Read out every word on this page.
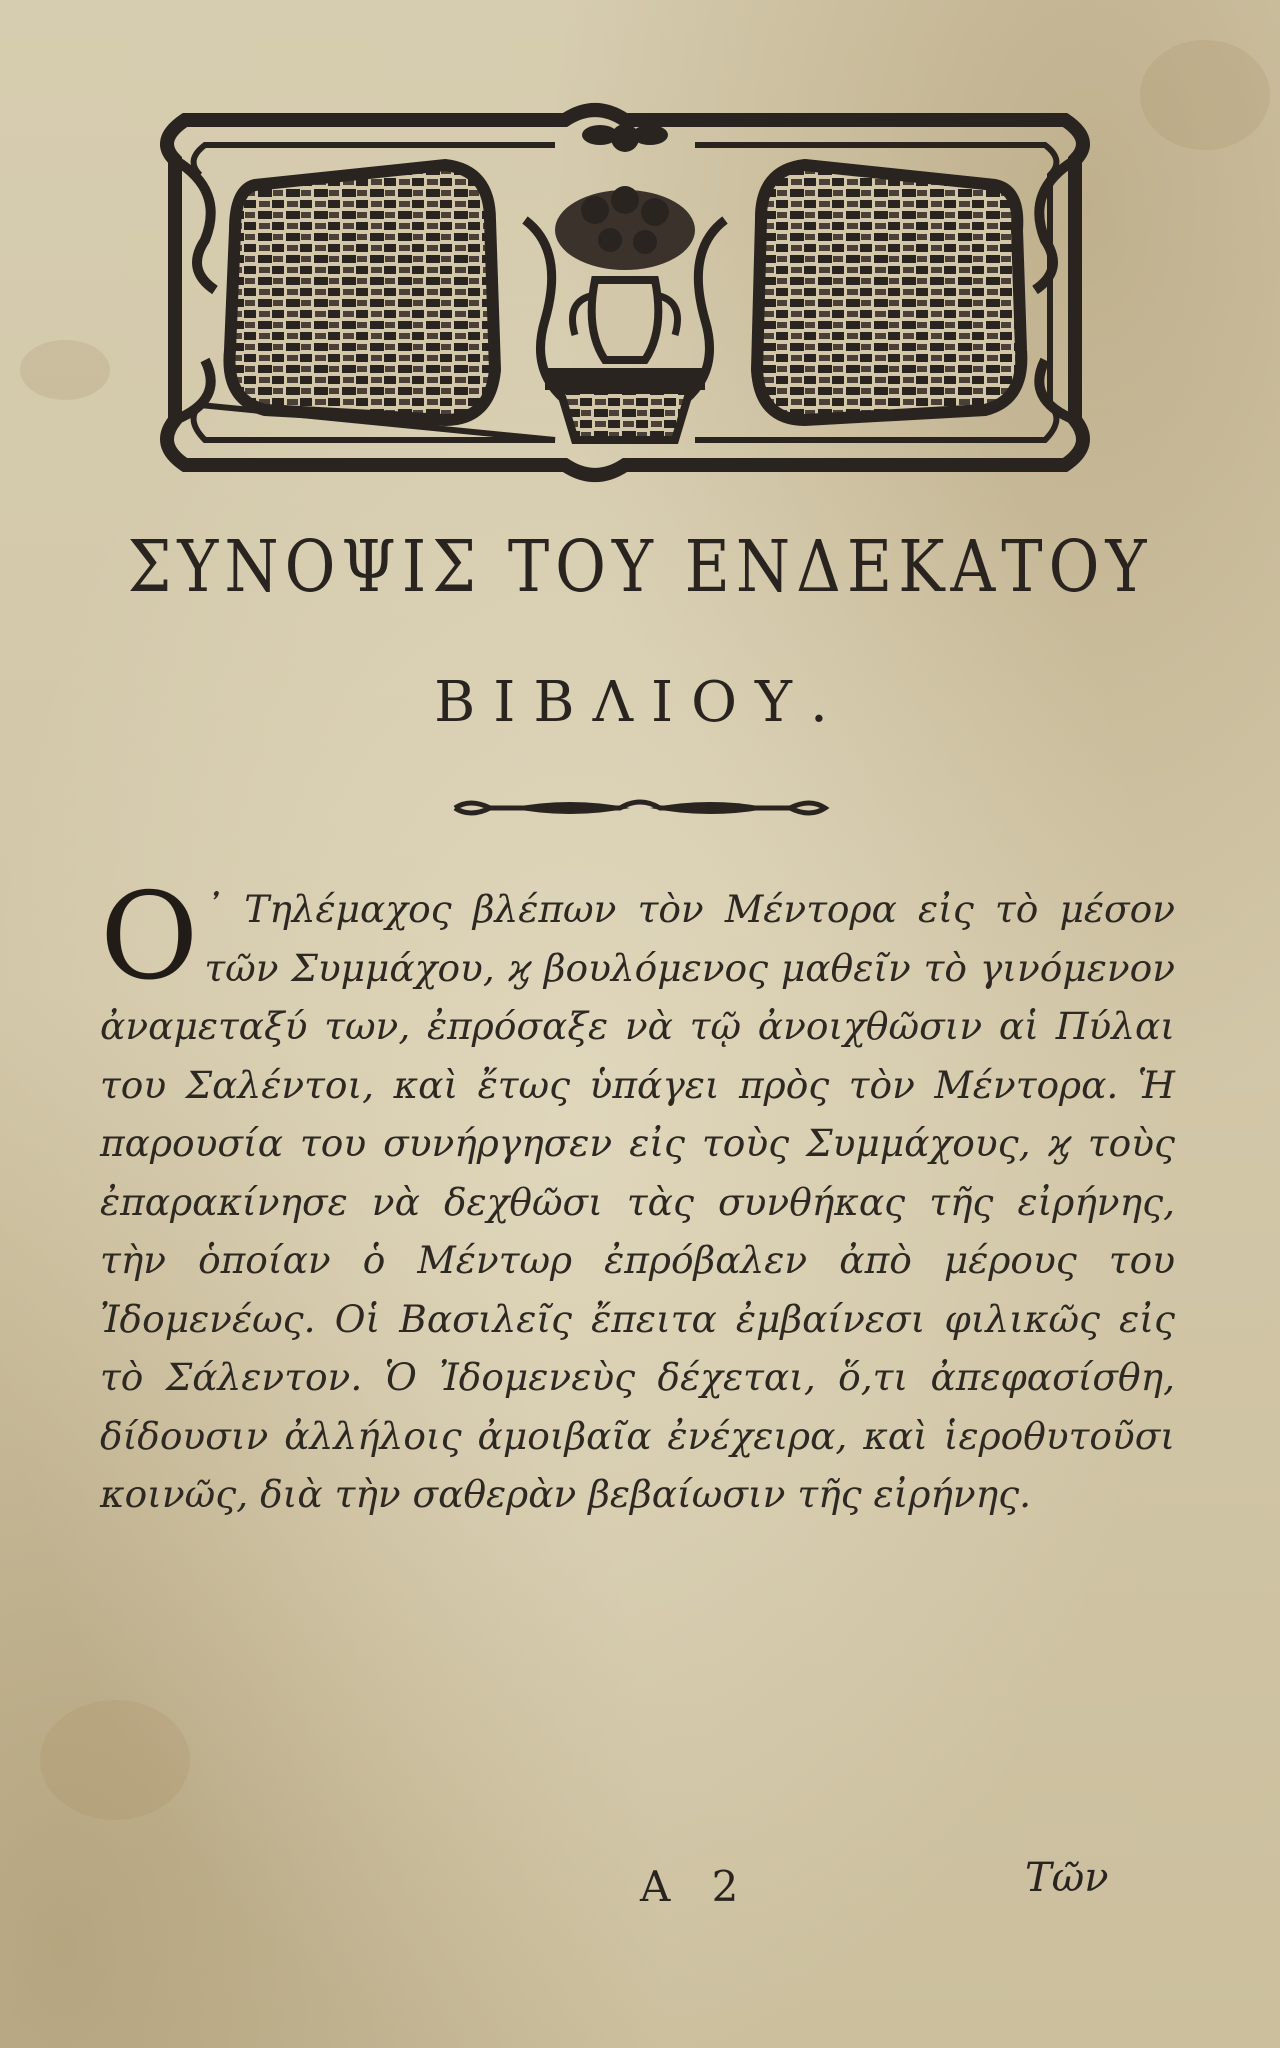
ΣΥΝΟΨΙΣ ΤΟΥ ΕΝΔΕΚΑΤΟΥ
ΒΙΒΛΙΟΥ.
Ο ᾿ Τηλέμαχος βλέπων τὸν Μέντορα εἰς τὸ μέσον τῶν Συμμάχου, ϗ βουλόμενος μαθεῖν τὸ γινόμενον ἀναμεταξύ των, ἐπρόσαξε νὰ τῷ ἀνοιχθῶσιν αἱ Πύλαι του Σαλέντοι, καὶ ἔτως ὑπάγει πρὸς τὸν Μέντορα. Ἡ παρουσία του συνήργησεν εἰς τοὺς Συμμάχους, ϗ τοὺς ἐπαρακίνησε νὰ δεχθῶσι τὰς συνθήκας τῆς εἰρήνης, τὴν ὁποίαν ὁ Μέντωρ ἐπρόβαλεν ἀπὸ μέρους του Ἰδομενέως. Οἱ Βασιλεῖς ἔπειτα ἐμβαίνεσι φιλικῶς εἰς τὸ Σάλεντον. Ὁ Ἰδομενεὺς δέχεται, ὅ,τι ἀπεφασίσθη, δίδουσιν ἀλλήλοις ἀμοιβαῖα ἐνέχειρα, καὶ ἱεροθυτοῦσι κοινῶς, διὰ τὴν σαθερὰν βεβαίωσιν τῆς εἰρήνης.
Α 2	Τῶν
